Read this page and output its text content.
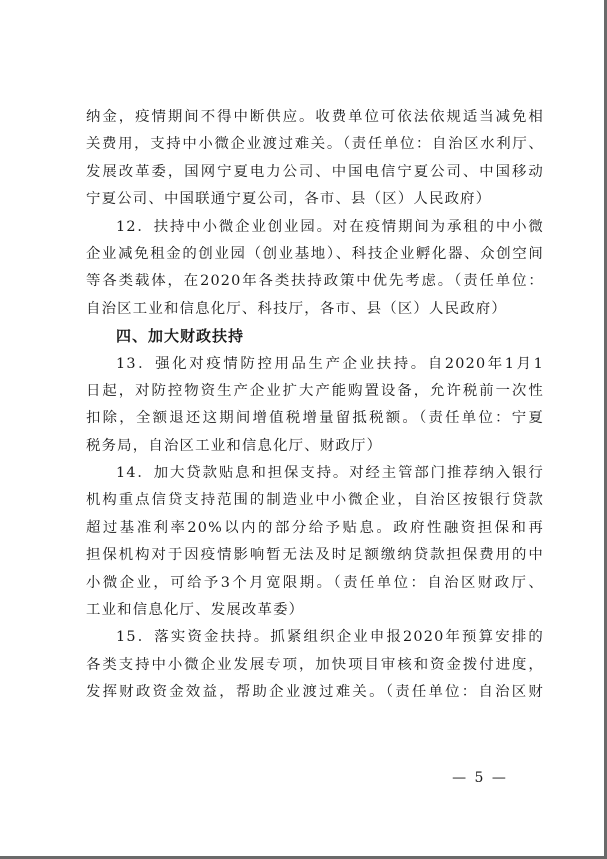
纳金，疫情期间不得中断供应。收费单位可依法依规适当减免相
关费用，支持中小微企业渡过难关。（责任单位：自治区水利厅、
发展改革委，国网宁夏电力公司、中国电信宁夏公司、中国移动
宁夏公司、中国联通宁夏公司，各市、县（区）人民政府）
12．扶持中小微企业创业园。对在疫情期间为承租的中小微
企业减免租金的创业园（创业基地）、科技企业孵化器、众创空间
等各类载体，在2020年各类扶持政策中优先考虑。（责任单位：
自治区工业和信息化厅、科技厅，各市、县（区）人民政府）
四、加大财政扶持
13．强化对疫情防控用品生产企业扶持。自2020年1月1
日起，对防控物资生产企业扩大产能购置设备，允许税前一次性
扣除，全额退还这期间增值税增量留抵税额。（责任单位：宁夏
税务局，自治区工业和信息化厅、财政厅）
14．加大贷款贴息和担保支持。对经主管部门推荐纳入银行
机构重点信贷支持范围的制造业中小微企业，自治区按银行贷款
超过基准利率20%以内的部分给予贴息。政府性融资担保和再
担保机构对于因疫情影响暂无法及时足额缴纳贷款担保费用的中
小微企业，可给予3个月宽限期。（责任单位：自治区财政厅、
工业和信息化厅、发展改革委）
15．落实资金扶持。抓紧组织企业申报2020年预算安排的
各类支持中小微企业发展专项，加快项目审核和资金拨付进度，
发挥财政资金效益，帮助企业渡过难关。（责任单位：自治区财
— 5 —
